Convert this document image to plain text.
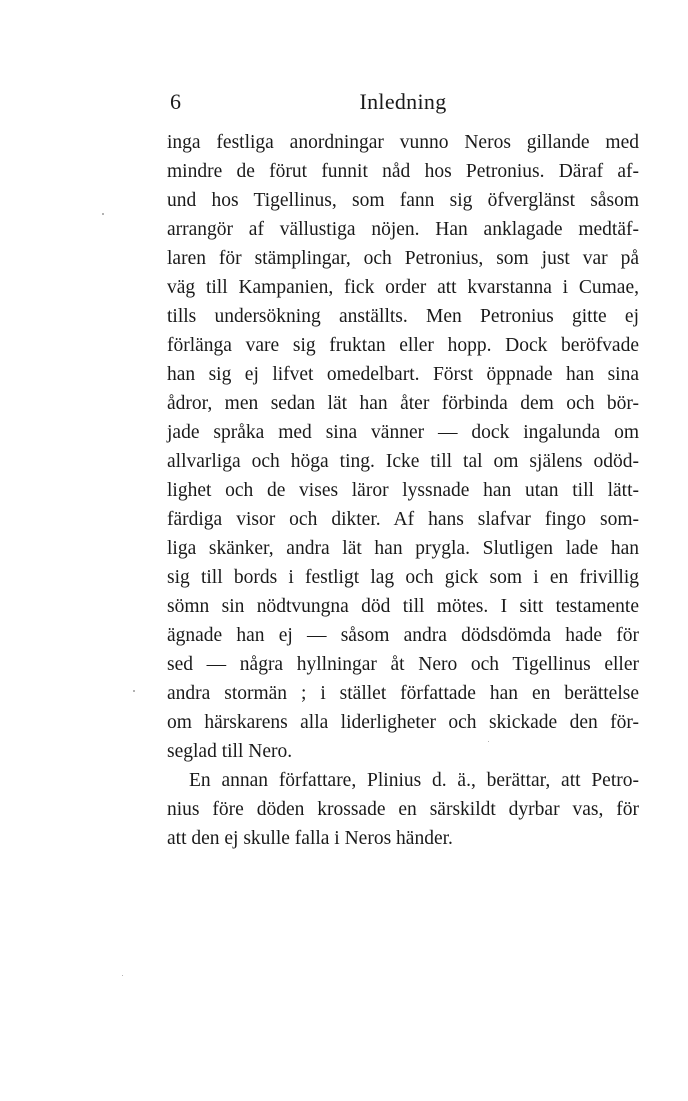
6	Inledning
inga festliga anordningar vunno Neros gillande med
mindre de förut funnit nåd hos Petronius. Däraf af-
und hos Tigellinus, som fann sig öfverglänst såsom
arrangör af vällustiga nöjen. Han anklagade medtäf-
laren för stämplingar, och Petronius, som just var på
väg till Kampanien, fick order att kvarstanna i Cumae,
tills undersökning anställts. Men Petronius gitte ej
förlänga vare sig fruktan eller hopp. Dock beröfvade
han sig ej lifvet omedelbart. Först öppnade han sina
ådror, men sedan lät han åter förbinda dem och bör-
jade språka med sina vänner — dock ingalunda om
allvarliga och höga ting. Icke till tal om själens odöd-
lighet och de vises läror lyssnade han utan till lätt-
färdiga visor och dikter. Af hans slafvar fingo som-
liga skänker, andra lät han prygla. Slutligen lade han
sig till bords i festligt lag och gick som i en frivillig
sömn sin nödtvungna död till mötes. I sitt testamente
ägnade han ej — såsom andra dödsdömda hade för
sed — några hyllningar åt Nero och Tigellinus eller
andra stormän ; i stället författade han en berättelse
om härskarens alla liderligheter och skickade den för-
seglad till Nero.
En annan författare, Plinius d. ä., berättar, att Petro-
nius före döden krossade en särskildt dyrbar vas, för
att den ej skulle falla i Neros händer.
